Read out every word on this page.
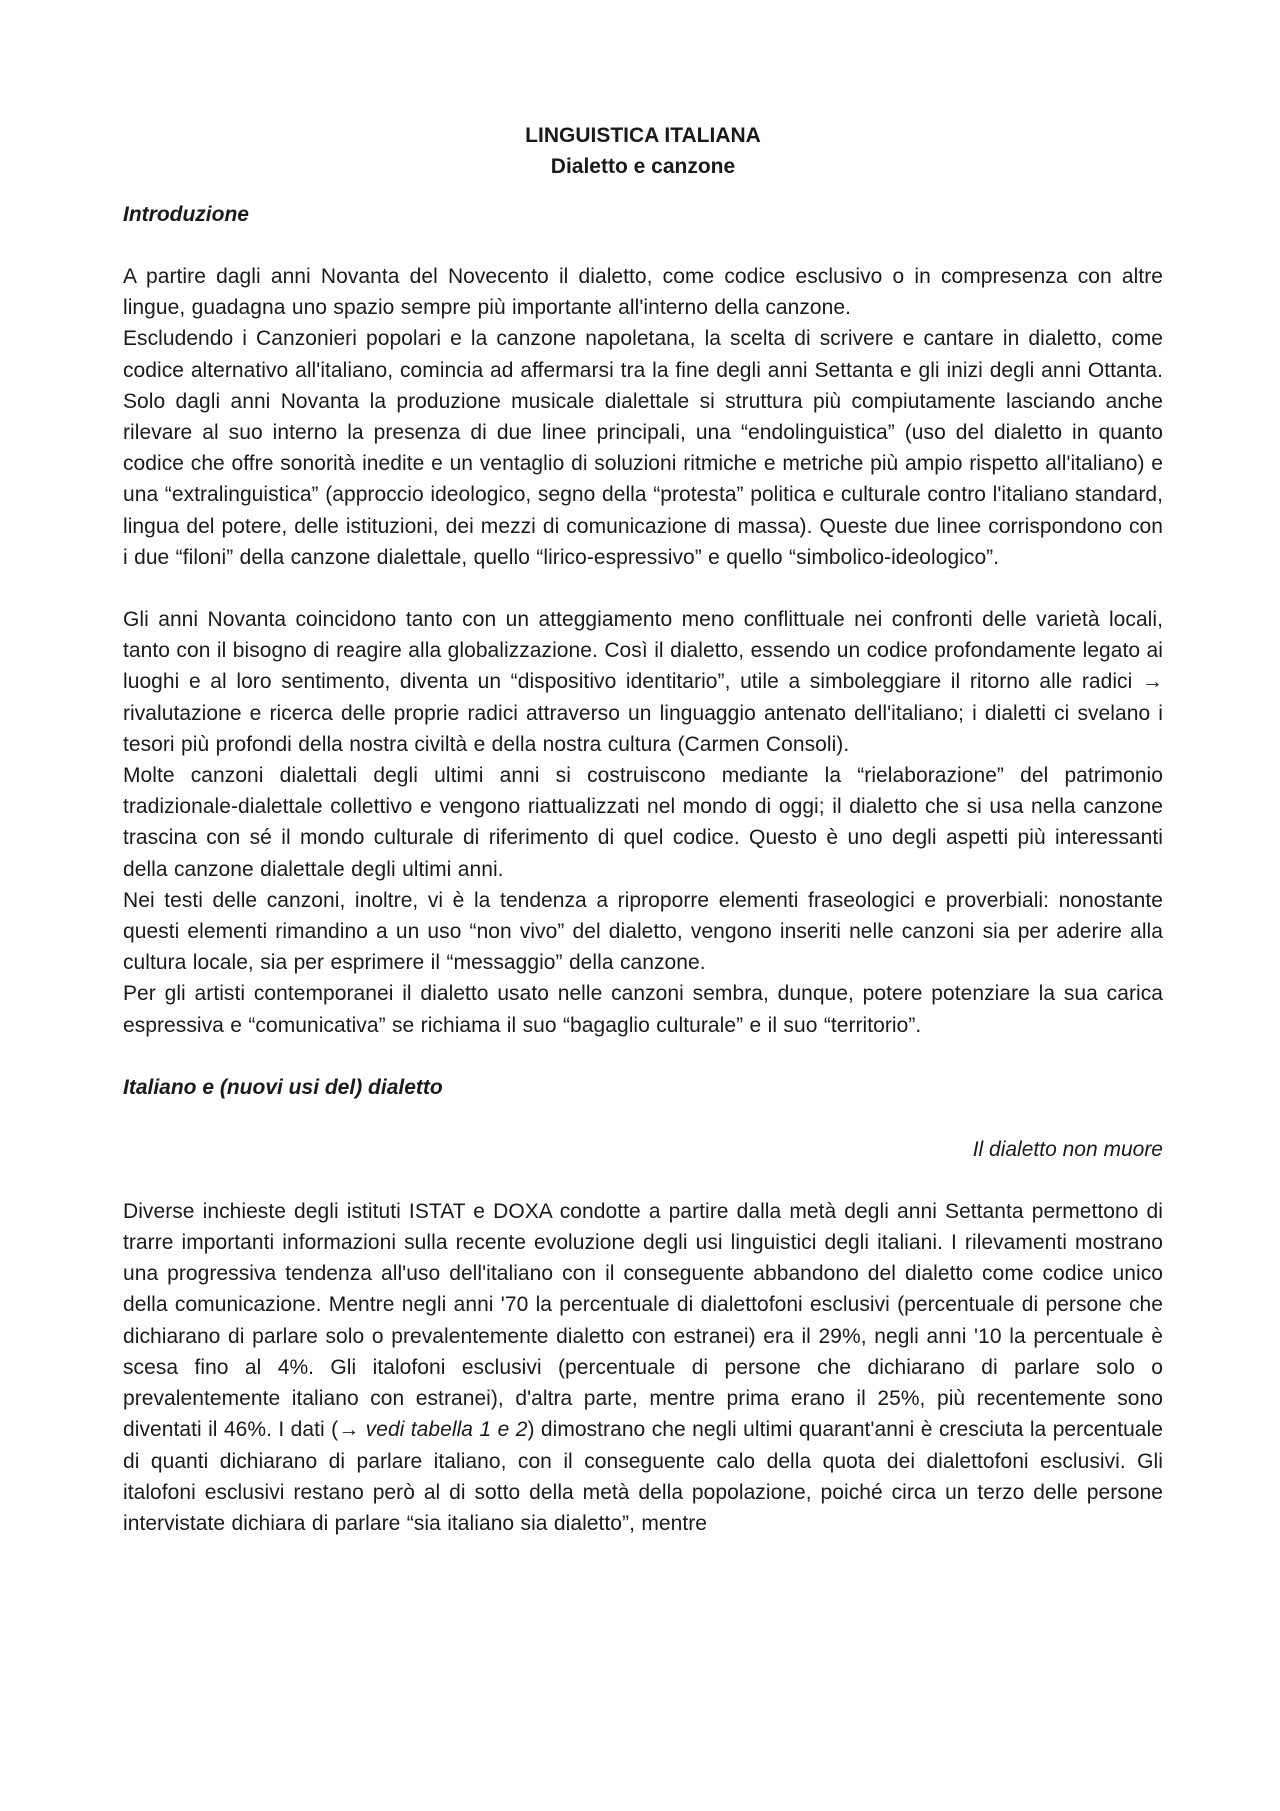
LINGUISTICA ITALIANA
Dialetto e canzone
Introduzione

A partire dagli anni Novanta del Novecento il dialetto, come codice esclusivo o in compresenza con altre lingue, guadagna uno spazio sempre più importante all'interno della canzone.

Escludendo i Canzonieri popolari e la canzone napoletana, la scelta di scrivere e cantare in dialetto, come codice alternativo all'italiano, comincia ad affermarsi tra la fine degli anni Settanta e gli inizi degli anni Ottanta. Solo dagli anni Novanta la produzione musicale dialettale si struttura più compiutamente lasciando anche rilevare al suo interno la presenza di due linee principali, una “endolinguistica” (uso del dialetto in quanto codice che offre sonorità inedite e un ventaglio di soluzioni ritmiche e metriche più ampio rispetto all'italiano) e una “extralinguistica” (approccio ideologico, segno della “protesta” politica e culturale contro l'italiano standard, lingua del potere, delle istituzioni, dei mezzi di comunicazione di massa). Queste due linee corrispondono con i due “filoni” della canzone dialettale, quello “lirico-espressivo” e quello “simbolico-ideologico”.

Gli anni Novanta coincidono tanto con un atteggiamento meno conflittuale nei confronti delle varietà locali, tanto con il bisogno di reagire alla globalizzazione. Così il dialetto, essendo un codice profondamente legato ai luoghi e al loro sentimento, diventa un “dispositivo identitario”, utile a simboleggiare il ritorno alle radici → rivalutazione e ricerca delle proprie radici attraverso un linguaggio antenato dell'italiano; i dialetti ci svelano i tesori più profondi della nostra civiltà e della nostra cultura (Carmen Consoli).

Molte canzoni dialettali degli ultimi anni si costruiscono mediante la “rielaborazione” del patrimonio tradizionale-dialettale collettivo e vengono riattualizzati nel mondo di oggi; il dialetto che si usa nella canzone trascina con sé il mondo culturale di riferimento di quel codice. Questo è uno degli aspetti più interessanti della canzone dialettale degli ultimi anni.

Nei testi delle canzoni, inoltre, vi è la tendenza a riproporre elementi fraseologici e proverbiali: nonostante questi elementi rimandino a un uso “non vivo” del dialetto, vengono inseriti nelle canzoni sia per aderire alla cultura locale, sia per esprimere il “messaggio” della canzone.

Per gli artisti contemporanei il dialetto usato nelle canzoni sembra, dunque, potere potenziare la sua carica espressiva e “comunicativa” se richiama il suo “bagaglio culturale” e il suo “territorio”.

Italiano e (nuovi usi del) dialetto
Il dialetto non muore

Diverse inchieste degli istituti ISTAT e DOXA condotte a partire dalla metà degli anni Settanta permettono di trarre importanti informazioni sulla recente evoluzione degli usi linguistici degli italiani. I rilevamenti mostrano una progressiva tendenza all'uso dell'italiano con il conseguente abbandono del dialetto come codice unico della comunicazione. Mentre negli anni '70 la percentuale di dialettofoni esclusivi (percentuale di persone che dichiarano di parlare solo o prevalentemente dialetto con estranei) era il 29%, negli anni '10 la percentuale è scesa fino al 4%. Gli italofoni esclusivi (percentuale di persone che dichiarano di parlare solo o prevalentemente italiano con estranei), d'altra parte, mentre prima erano il 25%, più recentemente sono diventati il 46%. I dati (→ vedi tabella 1 e 2) dimostrano che negli ultimi quarant'anni è cresciuta la percentuale di quanti dichiarano di parlare italiano, con il conseguente calo della quota dei dialettofoni esclusivi. Gli italofoni esclusivi restano però al di sotto della metà della popolazione, poiché circa un terzo delle persone intervistate dichiara di parlare “sia italiano sia dialetto”, mentre
